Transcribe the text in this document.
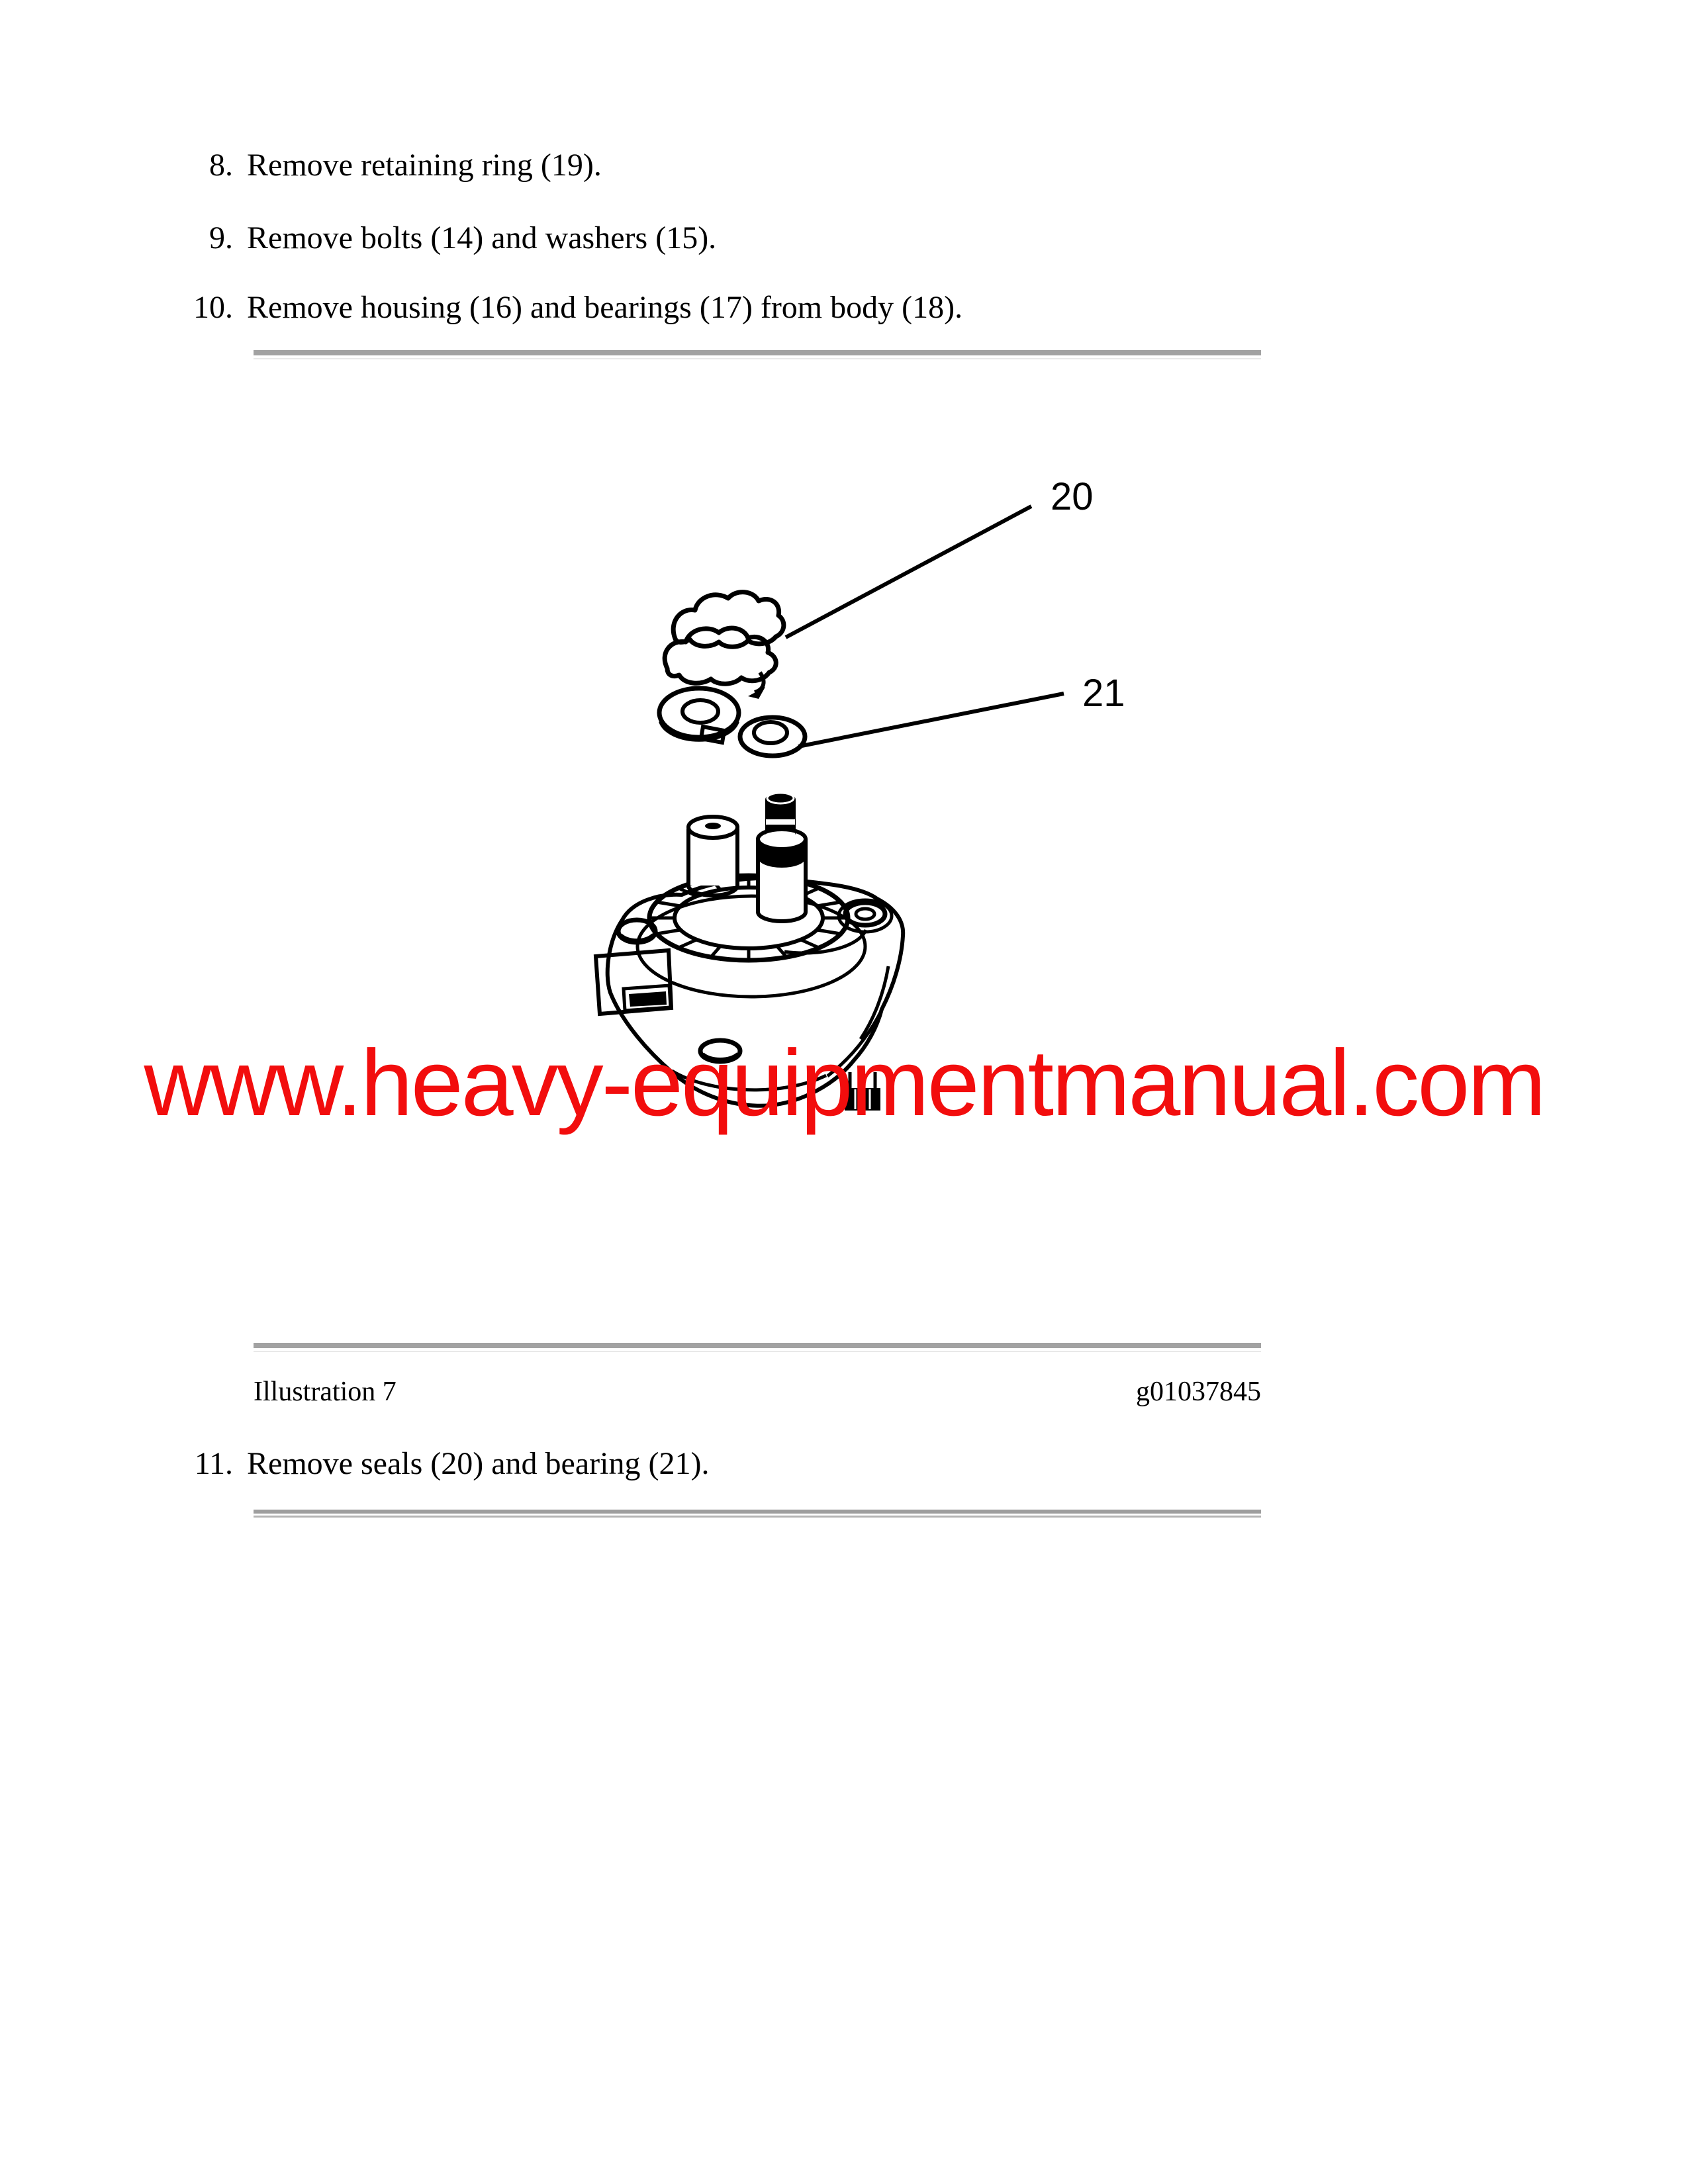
8. Remove retaining ring (19).
9. Remove bolts (14) and washers (15).
10. Remove housing (16) and bearings (17) from body (18).
20
21
www.heavy-equipmentmanual.com
Illustration 7	g01037845
11. Remove seals (20) and bearing (21).
